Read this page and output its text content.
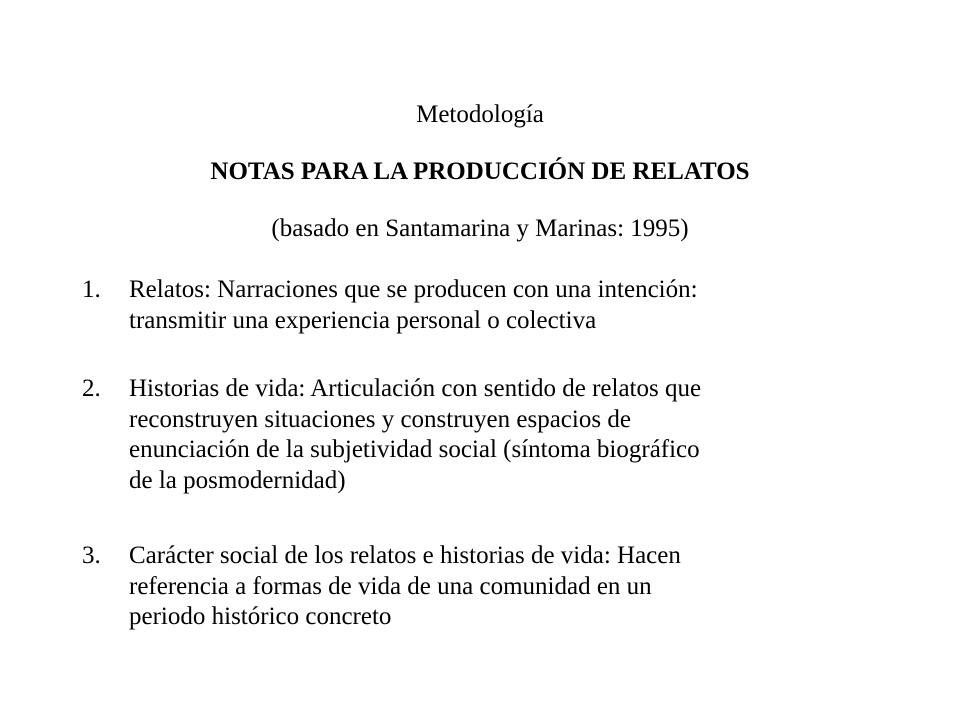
Metodología
NOTAS PARA LA PRODUCCIÓN DE RELATOS
(basado en Santamarina y Marinas: 1995)
1.	Relatos: Narraciones que se producen con una intención:
transmitir una experiencia personal o colectiva
2.	Historias de vida: Articulación con sentido de relatos que
reconstruyen situaciones y construyen espacios de
enunciación de la subjetividad social (síntoma biográfico
de la posmodernidad)
3.	Carácter social de los relatos e historias de vida: Hacen
referencia a formas de vida de una comunidad en un
periodo histórico concreto
